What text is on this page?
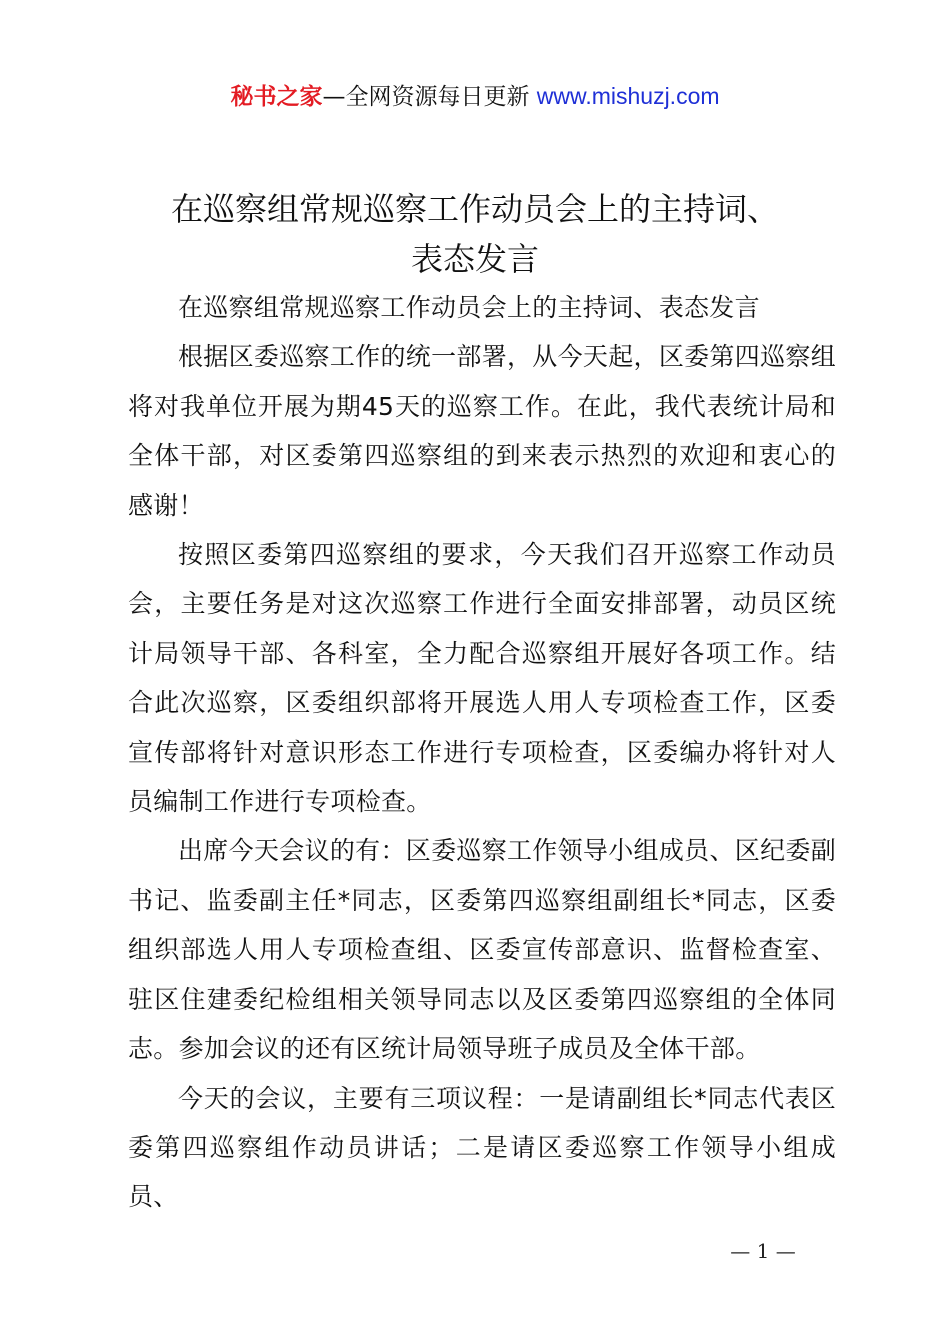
秘书之家—全网资源每日更新 www.mishuzj.com
在巡察组常规巡察工作动员会上的主持词、
表态发言

在巡察组常规巡察工作动员会上的主持词、表态发言

根据区委巡察工作的统一部署，从今天起，区委第四巡察组将对我单位开展为期45天的巡察工作。在此，我代表统计局和全体干部，对区委第四巡察组的到来表示热烈的欢迎和衷心的感谢！

按照区委第四巡察组的要求，今天我们召开巡察工作动员会，主要任务是对这次巡察工作进行全面安排部署，动员区统计局领导干部、各科室，全力配合巡察组开展好各项工作。结合此次巡察，区委组织部将开展选人用人专项检查工作，区委宣传部将针对意识形态工作进行专项检查，区委编办将针对人员编制工作进行专项检查。

出席今天会议的有：区委巡察工作领导小组成员、区纪委副书记、监委副主任*同志，区委第四巡察组副组长*同志，区委组织部选人用人专项检查组、区委宣传部意识、监督检查室、驻区住建委纪检组相关领导同志以及区委第四巡察组的全体同志。参加会议的还有区统计局领导班子成员及全体干部。

今天的会议，主要有三项议程：一是请副组长*同志代表区委第四巡察组作动员讲话；二是请区委巡察工作领导小组成员、

— 1 —
